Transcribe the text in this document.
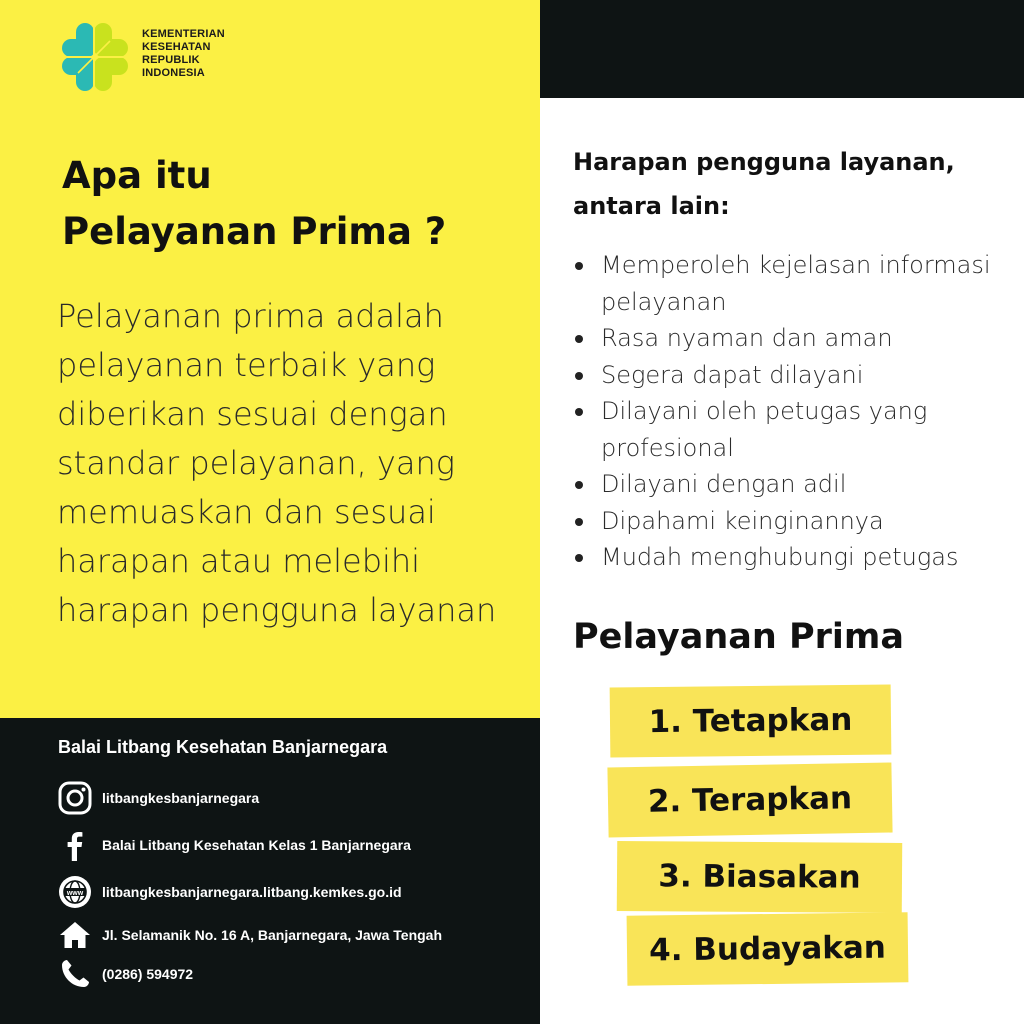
KEMENTERIAN
KESEHATAN
REPUBLIK
INDONESIA
Apa itu
Pelayanan Prima ?
Pelayanan prima adalah pelayanan terbaik yang diberikan sesuai dengan standar pelayanan, yang memuaskan dan sesuai harapan atau melebihi harapan pengguna layanan
Balai Litbang Kesehatan Banjarnegara
litbangkesbanjarnegara
Balai Litbang Kesehatan Kelas 1 Banjarnegara
www litbangkesbanjarnegara.litbang.kemkes.go.id
Jl. Selamanik No. 16 A, Banjarnegara, Jawa Tengah
(0286) 594972
Harapan pengguna layanan,
antara lain:
Memperoleh kejelasan informasi pelayanan
Rasa nyaman dan aman
Segera dapat dilayani
Dilayani oleh petugas yang profesional
Dilayani dengan adil
Dipahami keinginannya
Mudah menghubungi petugas
Pelayanan Prima
1. Tetapkan
2. Terapkan
3. Biasakan
4. Budayakan
